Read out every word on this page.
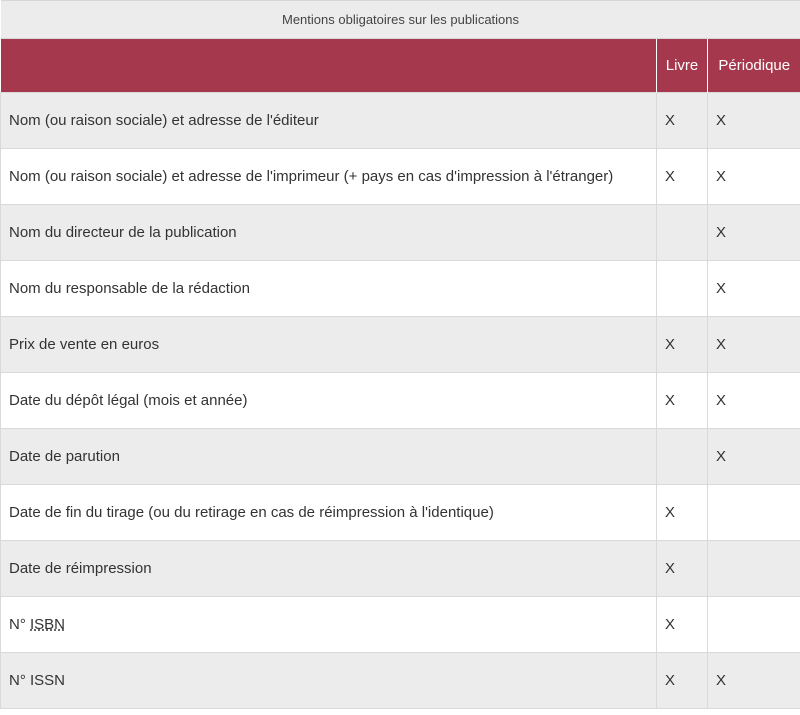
Mentions obligatoires sur les publications		
	Livre	Périodique
Nom (ou raison sociale) et adresse de l'éditeur	X	X
Nom (ou raison sociale) et adresse de l'imprimeur (+ pays en cas d'impression à l'étranger)	X	X
Nom du directeur de la publication		X
Nom du responsable de la rédaction		X
Prix de vente en euros	X	X
Date du dépôt légal (mois et année)	X	X
Date de parution		X
Date de fin du tirage (ou du retirage en cas de réimpression à l'identique)	X	
Date de réimpression	X	
N° ISBN	X	
N° ISSN	X	X
